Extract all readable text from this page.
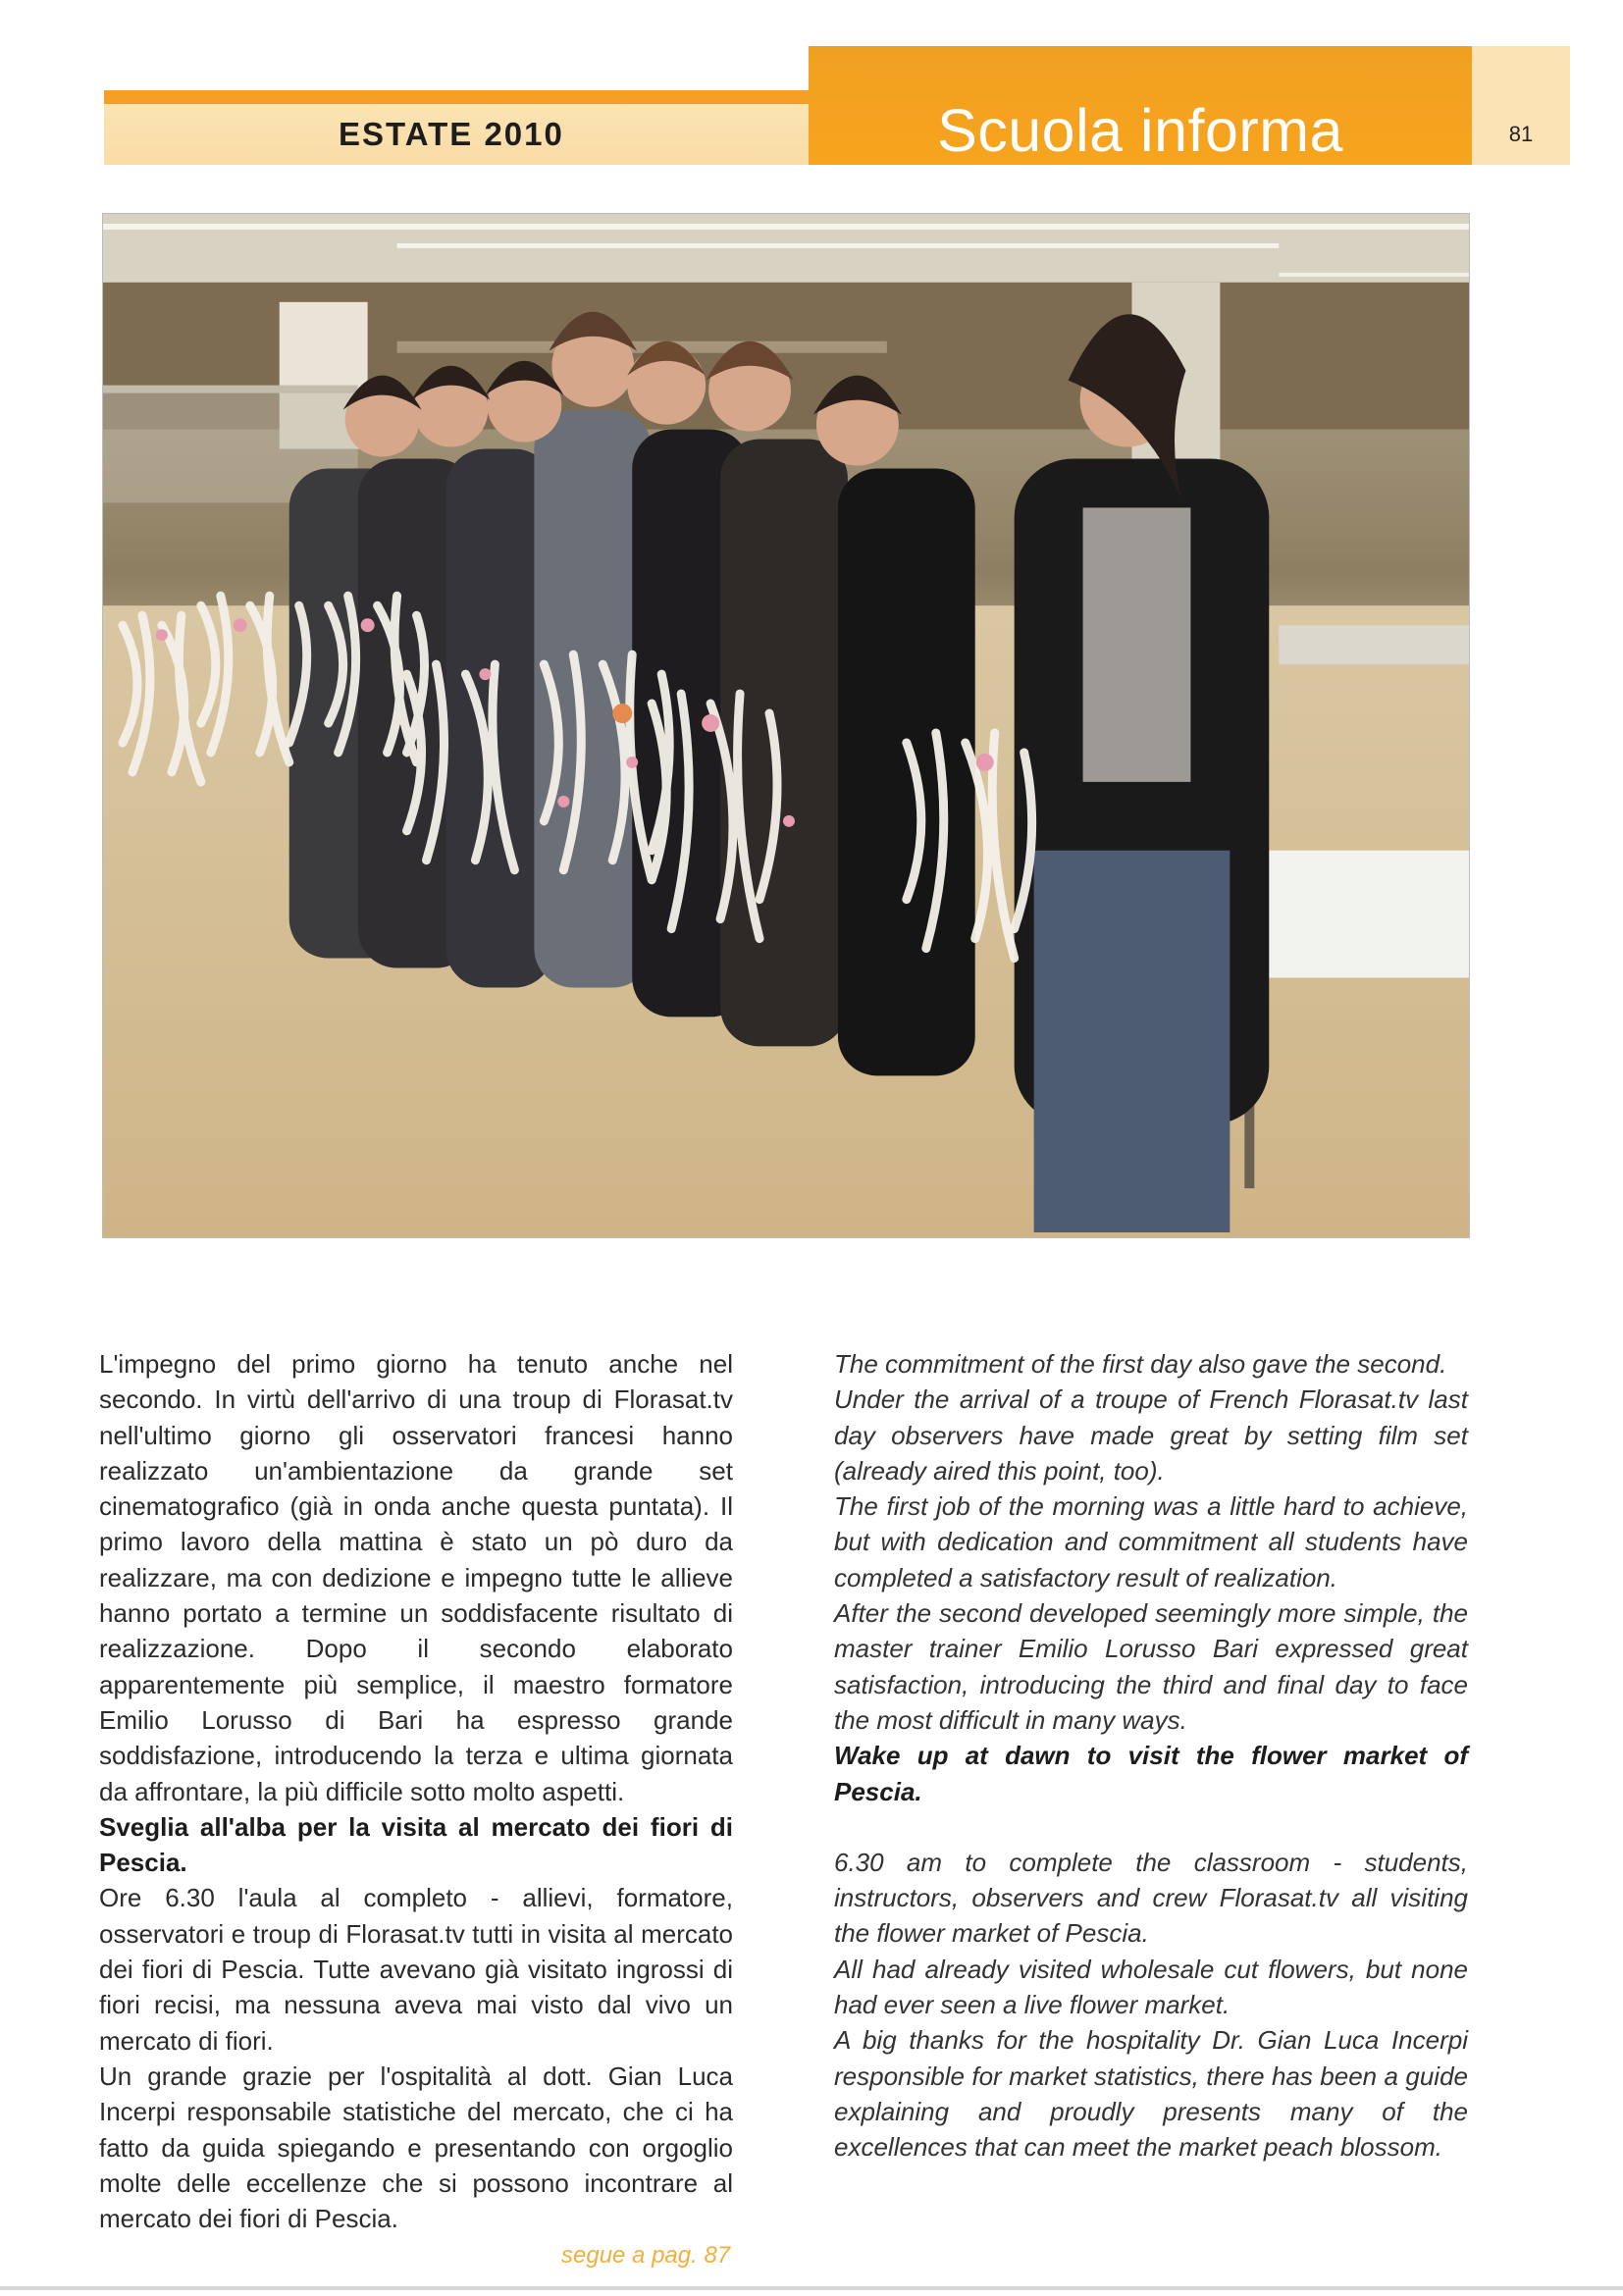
ESTATE 2010	Scuola informa	81

L'impegno del primo giorno ha tenuto anche nel secondo. In virtù dell'arrivo di una troup di Florasat.tv nell'ultimo giorno gli osservatori francesi hanno realizzato un'ambientazione da grande set cinematografico (già in onda anche questa puntata). Il primo lavoro della mattina è stato un pò duro da realizzare, ma con dedizione e impegno tutte le allieve hanno portato a termine un soddisfacente risultato di realizzazione. Dopo il secondo elaborato apparentemente più semplice, il maestro formatore Emilio Lorusso di Bari ha espresso grande soddisfazione, introducendo la terza e ultima giornata da affrontare, la più difficile sotto molto aspetti.

Sveglia all'alba per la visita al mercato dei fiori di Pescia.

Ore 6.30 l'aula al completo - allievi, formatore, osservatori e troup di Florasat.tv tutti in visita al mercato dei fiori di Pescia. Tutte avevano già visitato ingrossi di fiori recisi, ma nessuna aveva mai visto dal vivo un mercato di fiori.

Un grande grazie per l'ospitalità al dott. Gian Luca Incerpi responsabile statistiche del mercato, che ci ha fatto da guida spiegando e presentando con orgoglio molte delle eccellenze che si possono incontrare al mercato dei fiori di Pescia.

The commitment of the first day also gave the second.

Under the arrival of a troupe of French Florasat.tv last day observers have made great by setting film set (already aired this point, too).

The first job of the morning was a little hard to achieve, but with dedication and commitment all students have completed a satisfactory result of realization.

After the second developed seemingly more simple, the master trainer Emilio Lorusso Bari expressed great satisfaction, introducing the third and final day to face the most difficult in many ways.

Wake up at dawn to visit the flower market of Pescia.

6.30 am to complete the classroom - students, instructors, observers and crew Florasat.tv all visiting the flower market of Pescia.

All had already visited wholesale cut flowers, but none had ever seen a live flower market.

A big thanks for the hospitality Dr. Gian Luca Incerpi responsible for market statistics, there has been a guide explaining and proudly presents many of the excellences that can meet the market peach blossom.

segue a pag. 87
